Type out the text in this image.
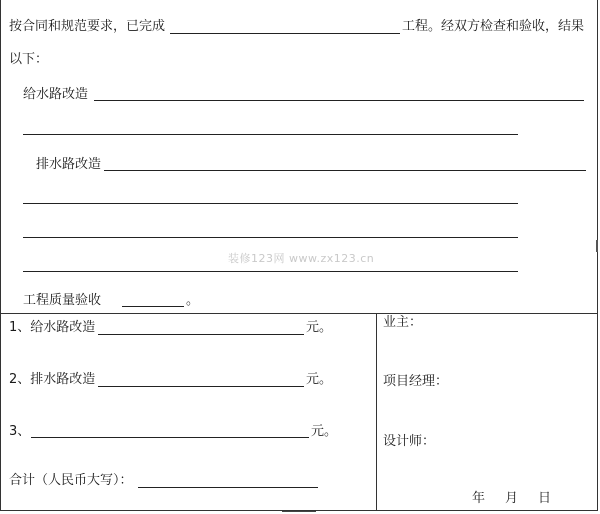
按合同和规范要求，已完成	工程。经双方检查和验收，结果
以下：
给水路改造
排水路改造
装修123网 www.zx123.cn
工程质量验收	。
1、给水路改造	元。
2、排水路改造	元。
3、	元。
合计（人民币大写）：
业主：
项目经理：
设计师：
年 月 日
